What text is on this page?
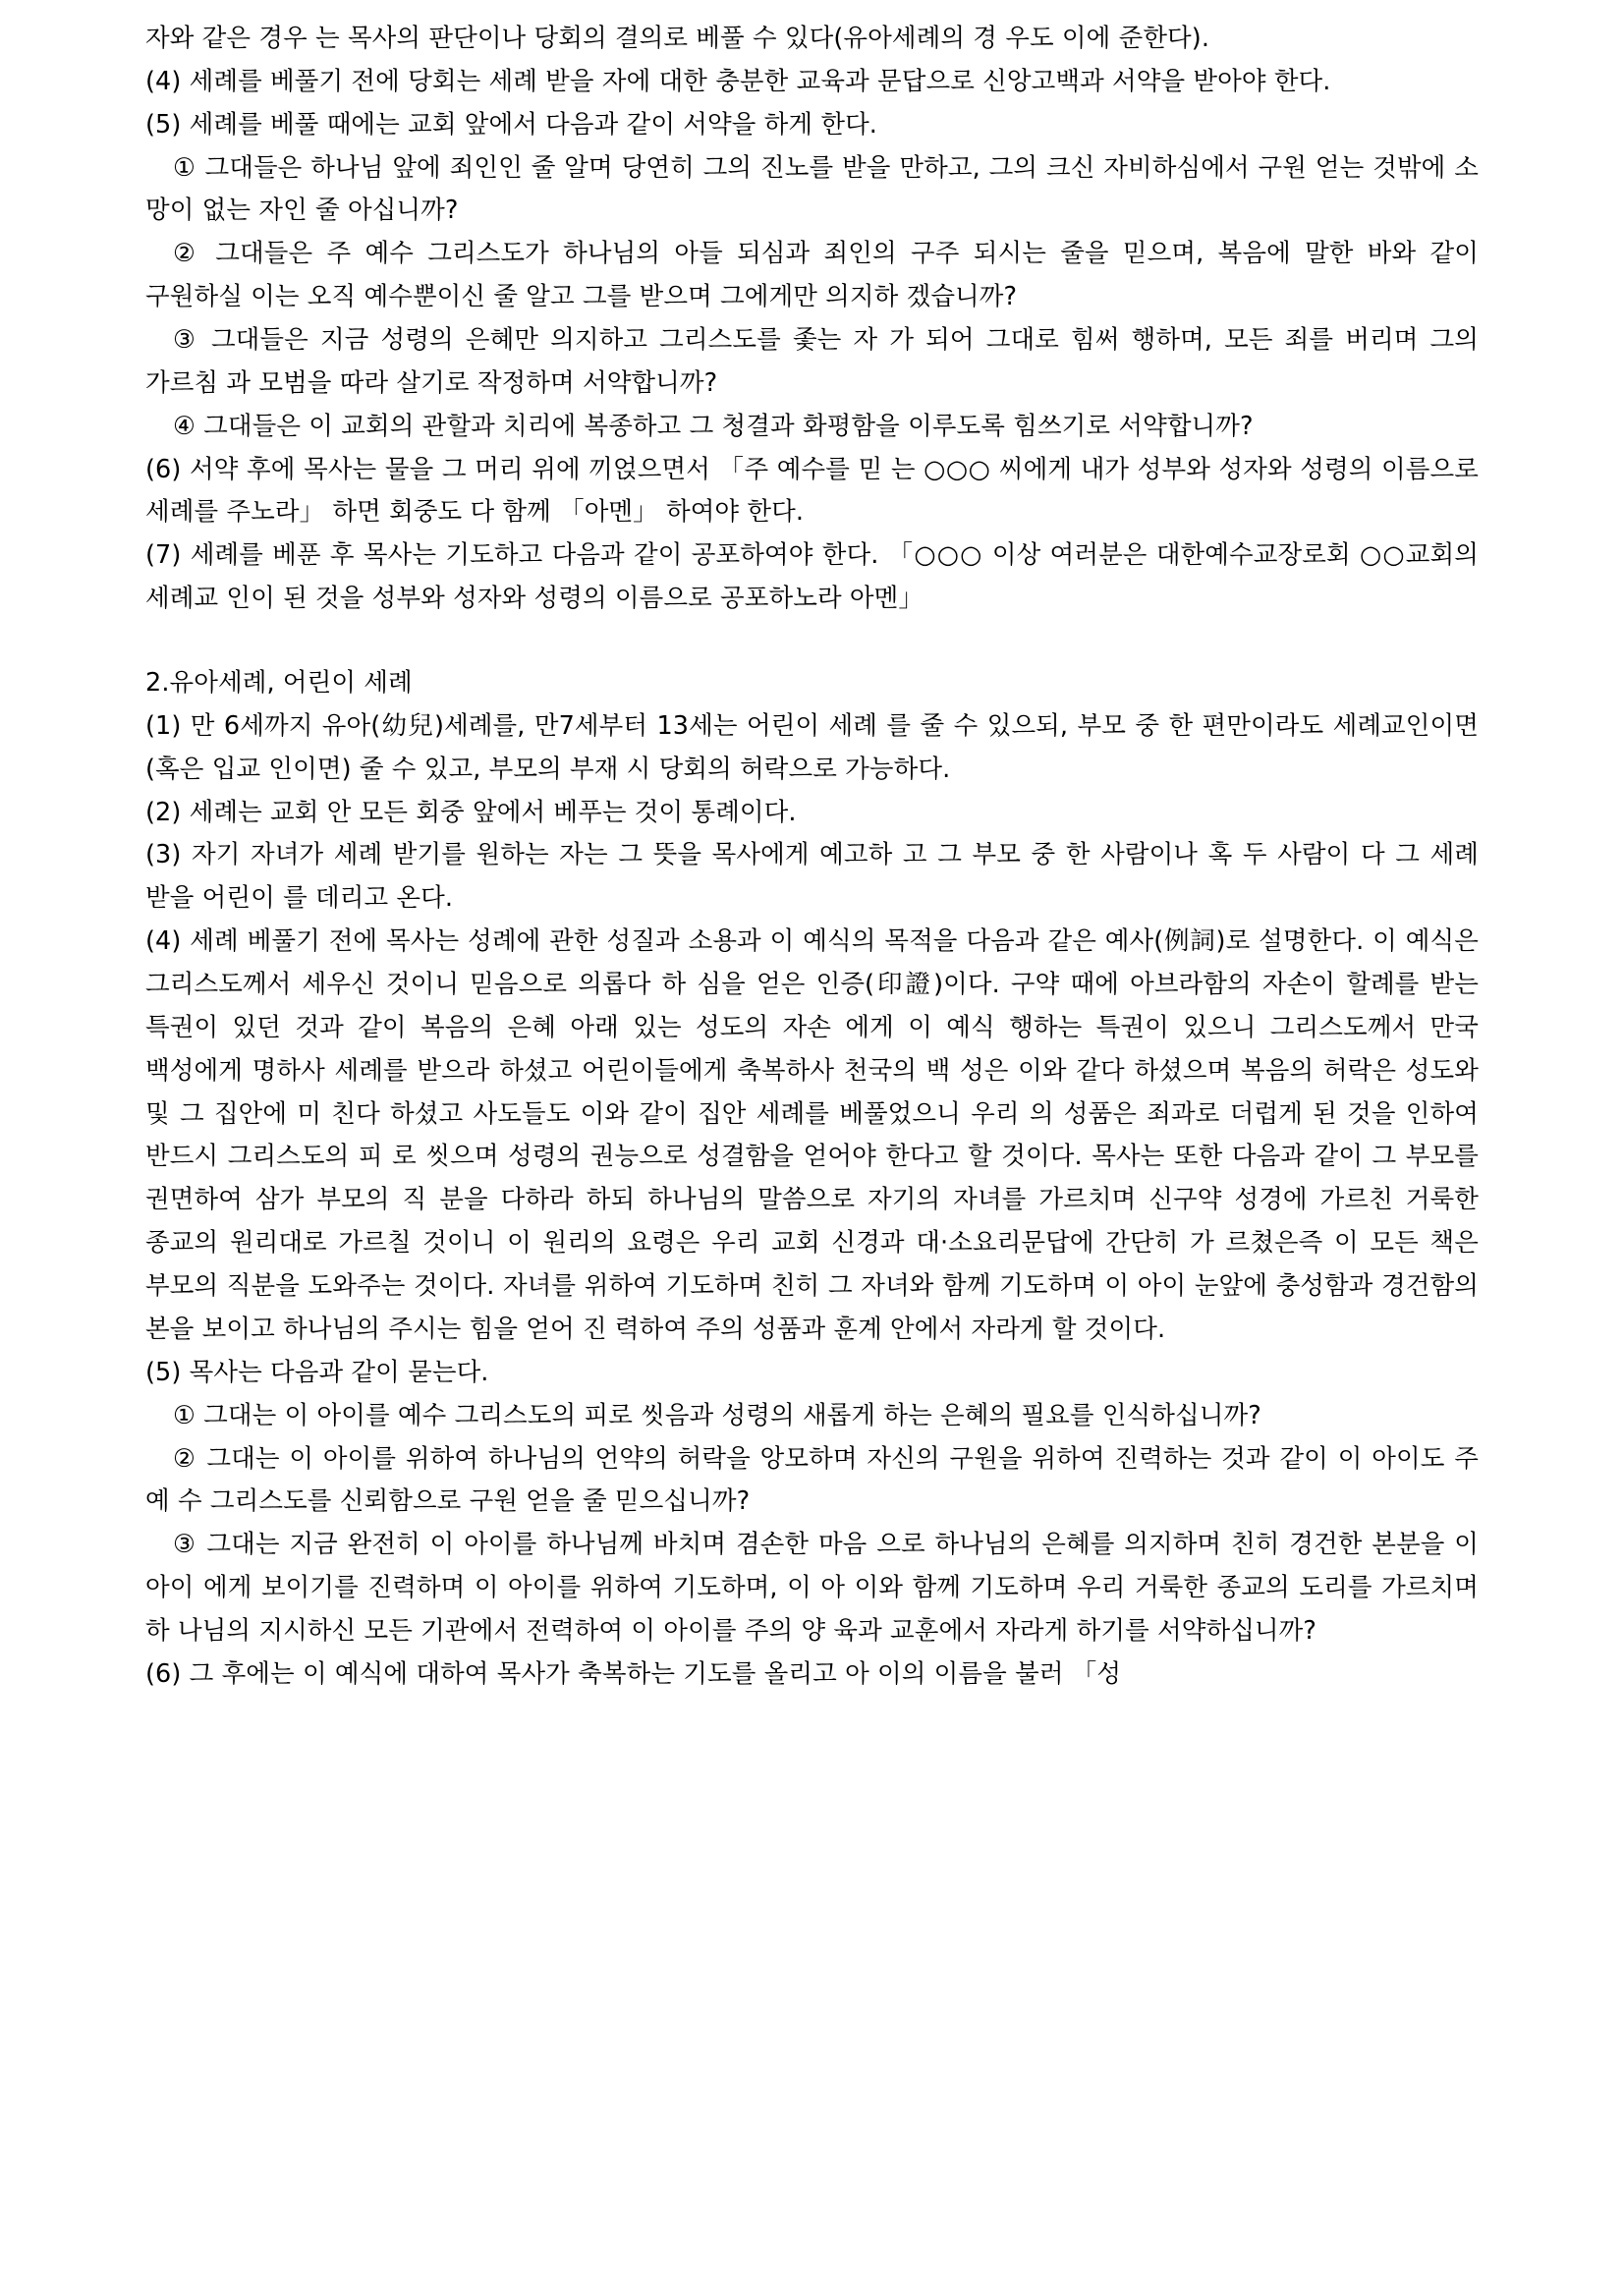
자와 같은 경우 는 목사의 판단이나 당회의 결의로 베풀 수 있다(유아세례의 경 우도 이에 준한다).

(4) 세례를 베풀기 전에 당회는 세례 받을 자에 대한 충분한 교육과 문답으로 신앙고백과 서약을 받아야 한다.

(5) 세례를 베풀 때에는 교회 앞에서 다음과 같이 서약을 하게 한다.

① 그대들은 하나님 앞에 죄인인 줄 알며 당연히 그의 진노를 받을 만하고, 그의 크신 자비하심에서 구원 얻는 것밖에 소 망이 없는 자인 줄 아십니까?

② 그대들은 주 예수 그리스도가 하나님의 아들 되심과 죄인의 구주 되시는 줄을 믿으며, 복음에 말한 바와 같이 구원하실 이는 오직 예수뿐이신 줄 알고 그를 받으며 그에게만 의지하 겠습니까?

③ 그대들은 지금 성령의 은혜만 의지하고 그리스도를 좇는 자 가 되어 그대로 힘써 행하며, 모든 죄를 버리며 그의 가르침 과 모범을 따라 살기로 작정하며 서약합니까?

④ 그대들은 이 교회의 관할과 치리에 복종하고 그 청결과 화평함을 이루도록 힘쓰기로 서약합니까?

(6) 서약 후에 목사는 물을 그 머리 위에 끼얹으면서 「주 예수를 믿 는 ○○○ 씨에게 내가 성부와 성자와 성령의 이름으로 세례를 주노라」 하면 회중도 다 함께 「아멘」 하여야 한다.

(7) 세례를 베푼 후 목사는 기도하고 다음과 같이 공포하여야 한다. 「○○○ 이상 여러분은 대한예수교장로회 ○○교회의 세례교 인이 된 것을 성부와 성자와 성령의 이름으로 공포하노라 아멘」

2.유아세례, 어린이 세례

(1) 만 6세까지 유아(幼兒)세례를, 만7세부터 13세는 어린이 세례 를 줄 수 있으되, 부모 중 한 편만이라도 세례교인이면(혹은 입교 인이면) 줄 수 있고, 부모의 부재 시 당회의 허락으로 가능하다.

(2) 세례는 교회 안 모든 회중 앞에서 베푸는 것이 통례이다.

(3) 자기 자녀가 세례 받기를 원하는 자는 그 뜻을 목사에게 예고하 고 그 부모 중 한 사람이나 혹 두 사람이 다 그 세례 받을 어린이 를 데리고 온다.

(4) 세례 베풀기 전에 목사는 성례에 관한 성질과 소용과 이 예식의 목적을 다음과 같은 예사(例詞)로 설명한다. 이 예식은 그리스도께서 세우신 것이니 믿음으로 의롭다 하 심을 얻은 인증(印證)이다. 구약 때에 아브라함의 자손이 할례를 받는 특권이 있던 것과 같이 복음의 은혜 아래 있는 성도의 자손 에게 이 예식 행하는 특권이 있으니 그리스도께서 만국 백성에게 명하사 세례를 받으라 하셨고 어린이들에게 축복하사 천국의 백 성은 이와 같다 하셨으며 복음의 허락은 성도와 및 그 집안에 미 친다 하셨고 사도들도 이와 같이 집안 세례를 베풀었으니 우리 의 성품은 죄과로 더럽게 된 것을 인하여 반드시 그리스도의 피 로 씻으며 성령의 권능으로 성결함을 얻어야 한다고 할 것이다. 목사는 또한 다음과 같이 그 부모를 권면하여 삼가 부모의 직 분을 다하라 하되 하나님의 말씀으로 자기의 자녀를 가르치며 신구약 성경에 가르친 거룩한 종교의 원리대로 가르칠 것이니 이 원리의 요령은 우리 교회 신경과 대·소요리문답에 간단히 가 르쳤은즉 이 모든 책은 부모의 직분을 도와주는 것이다. 자녀를 위하여 기도하며 친히 그 자녀와 함께 기도하며 이 아이 눈앞에 충성함과 경건함의 본을 보이고 하나님의 주시는 힘을 얻어 진 력하여 주의 성품과 훈계 안에서 자라게 할 것이다.

(5) 목사는 다음과 같이 묻는다.

① 그대는 이 아이를 예수 그리스도의 피로 씻음과 성령의 새롭게 하는 은혜의 필요를 인식하십니까?

② 그대는 이 아이를 위하여 하나님의 언약의 허락을 앙모하며 자신의 구원을 위하여 진력하는 것과 같이 이 아이도 주 예 수 그리스도를 신뢰함으로 구원 얻을 줄 믿으십니까?

③ 그대는 지금 완전히 이 아이를 하나님께 바치며 겸손한 마음 으로 하나님의 은혜를 의지하며 친히 경건한 본분을 이 아이 에게 보이기를 진력하며 이 아이를 위하여 기도하며, 이 아 이와 함께 기도하며 우리 거룩한 종교의 도리를 가르치며 하 나님의 지시하신 모든 기관에서 전력하여 이 아이를 주의 양 육과 교훈에서 자라게 하기를 서약하십니까?

(6) 그 후에는 이 예식에 대하여 목사가 축복하는 기도를 올리고 아 이의 이름을 불러 「성
